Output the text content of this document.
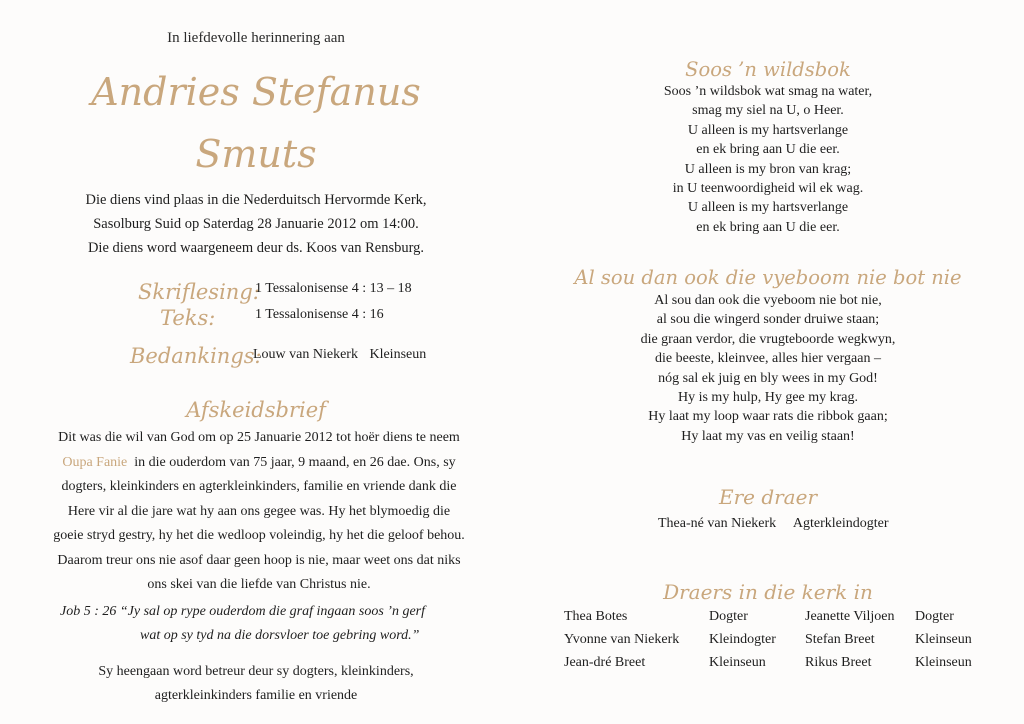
In liefdevolle herinnering aan
Andries Stefanus
Smuts
Die diens vind plaas in die Nederduitsch Hervormde Kerk,
Sasolburg Suid op Saterdag 28 Januarie 2012 om 14:00.
Die diens word waargeneem deur ds. Koos van Rensburg.
Skriflesing:
1 Tessalonisense 4 : 13 – 18
Teks:	1 Tessalonisense 4 : 16
Bedankings:
Louw van Niekerk Kleinseun
Afskeidsbrief
Dit was die wil van God om op 25 Januarie 2012 tot hoër diens te neem
Oupa Fanie  in die ouderdom van 75 jaar, 9 maand, en 26 dae. Ons, sy
dogters, kleinkinders en agterkleinkinders, familie en vriende dank die
Here vir al die jare wat hy aan ons gegee was. Hy het blymoedig die
goeie stryd gestry, hy het die wedloop voleindig, hy het die geloof behou.
Daarom treur ons nie asof daar geen hoop is nie, maar weet ons dat niks
ons skei van die liefde van Christus nie.
Job 5 : 26 “Jy sal op rype ouderdom die graf ingaan soos ’n gerf
wat op sy tyd na die dorsvloer toe gebring word.”
Sy heengaan word betreur deur sy dogters, kleinkinders,
agterkleinkinders familie en vriende
Soos ’n wildsbok
Soos ’n wildsbok wat smag na water,
smag my siel na U, o Heer.
U alleen is my hartsverlange
en ek bring aan U die eer.
U alleen is my bron van krag;
in U teenwoordigheid wil ek wag.
U alleen is my hartsverlange
en ek bring aan U die eer.
Al sou dan ook die vyeboom nie bot nie
Al sou dan ook die vyeboom nie bot nie,
al sou die wingerd sonder druiwe staan;
die graan verdor, die vrugteboorde wegkwyn,
die beeste, kleinvee, alles hier vergaan –
nóg sal ek juig en bly wees in my God!
Hy is my hulp, Hy gee my krag.
Hy laat my loop waar rats die ribbok gaan;
Hy laat my vas en veilig staan!
Ere draer
Thea-né van Niekerk Agterkleindogter
Draers in die kerk in
Thea Botes	Dogter	Jeanette Viljoen	Dogter
Yvonne van Niekerk	Kleindogter	Stefan Breet	Kleinseun
Jean-dré Breet	Kleinseun	Rikus Breet	Kleinseun
